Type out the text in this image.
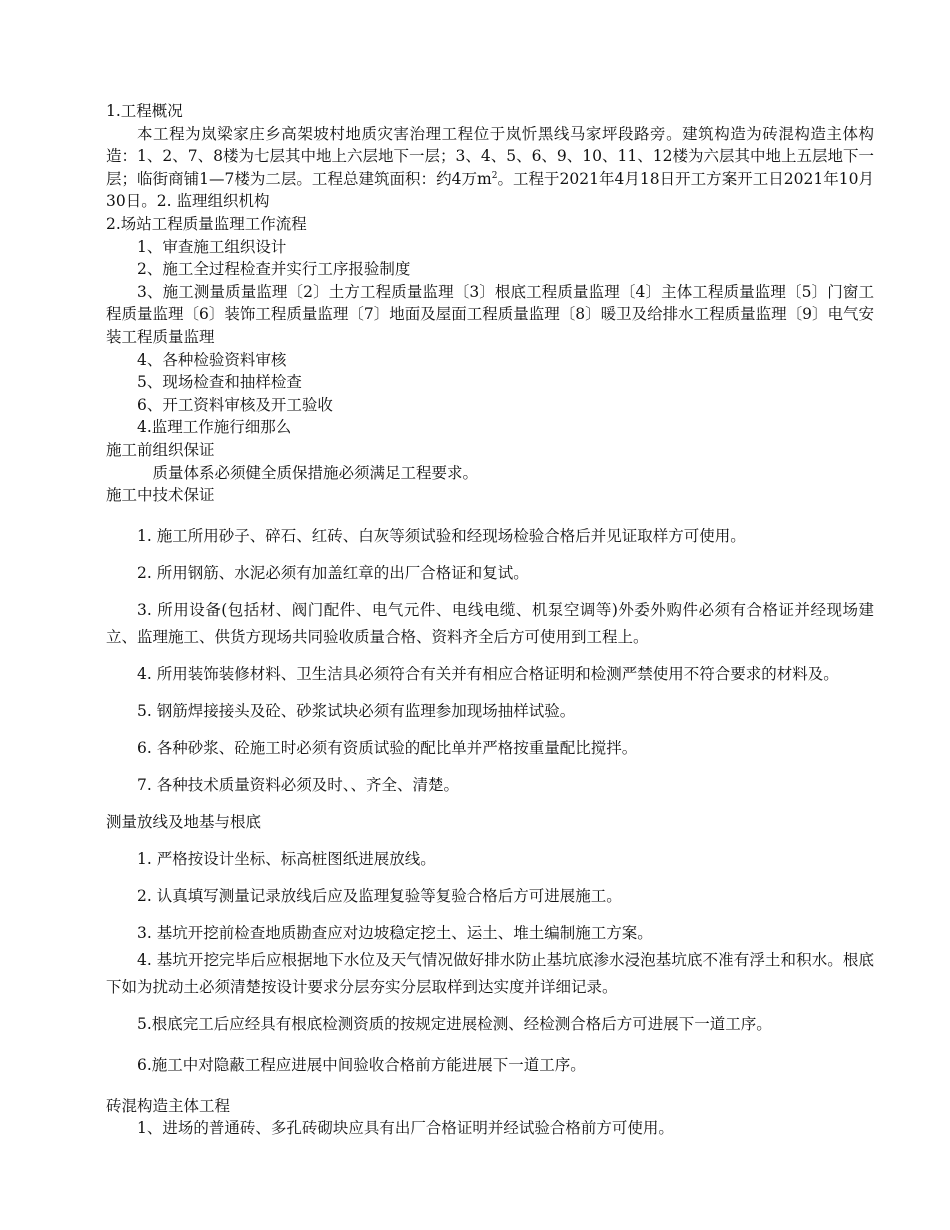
1.工程概况

本工程为岚梁家庄乡高架坡村地质灾害治理工程位于岚忻黑线马家坪段路旁。建筑构造为砖混构造主体构造：1、2、7、8楼为七层其中地上六层地下一层；3、4、5、6、9、10、11、12楼为六层其中地上五层地下一层；临街商铺1—7楼为二层。工程总建筑面积：约4万$m^2$。工程于2021年4月18日开工方案开工日2021年10月30日。2. 监理组织机构

2.场站工程质量监理工作流程

1、审查施工组织设计

2、施工全过程检查并实行工序报验制度

3、施工测量质量监理〔2〕土方工程质量监理〔3〕根底工程质量监理〔4〕主体工程质量监理〔5〕门窗工程质量监理〔6〕装饰工程质量监理〔7〕地面及屋面工程质量监理〔8〕暖卫及给排水工程质量监理〔9〕电气安装工程质量监理

4、各种检验资料审核

5、现场检查和抽样检查

6、开工资料审核及开工验收

4.监理工作施行细那么

施工前组织保证

质量体系必须健全质保措施必须满足工程要求。

施工中技术保证

1. 施工所用砂子、碎石、红砖、白灰等须试验和经现场检验合格后并见证取样方可使用。

2. 所用钢筋、水泥必须有加盖红章的出厂合格证和复试。

3. 所用设备(包括材、阀门配件、电气元件、电线电缆、机泵空调等)外委外购件必须有合格证并经现场建立、监理施工、供货方现场共同验收质量合格、资料齐全后方可使用到工程上。

4. 所用装饰装修材料、卫生洁具必须符合有关并有相应合格证明和检测严禁使用不符合要求的材料及。

5. 钢筋焊接接头及砼、砂浆试块必须有监理参加现场抽样试验。

6. 各种砂浆、砼施工时必须有资质试验的配比单并严格按重量配比搅拌。

7. 各种技术质量资料必须及时、、齐全、清楚。

测量放线及地基与根底

1. 严格按设计坐标、标高桩图纸进展放线。

2. 认真填写测量记录放线后应及监理复验等复验合格后方可进展施工。

3. 基坑开挖前检查地质勘查应对边坡稳定挖土、运土、堆土编制施工方案。

4. 基坑开挖完毕后应根据地下水位及天气情况做好排水防止基坑底渗水浸泡基坑底不准有浮土和积水。根底下如为扰动土必须清楚按设计要求分层夯实分层取样到达实度并详细记录。

5.根底完工后应经具有根底检测资质的按规定进展检测、经检测合格后方可进展下一道工序。

6.施工中对隐蔽工程应进展中间验收合格前方能进展下一道工序。

砖混构造主体工程

1、进场的普通砖、多孔砖砌块应具有出厂合格证明并经试验合格前方可使用。
